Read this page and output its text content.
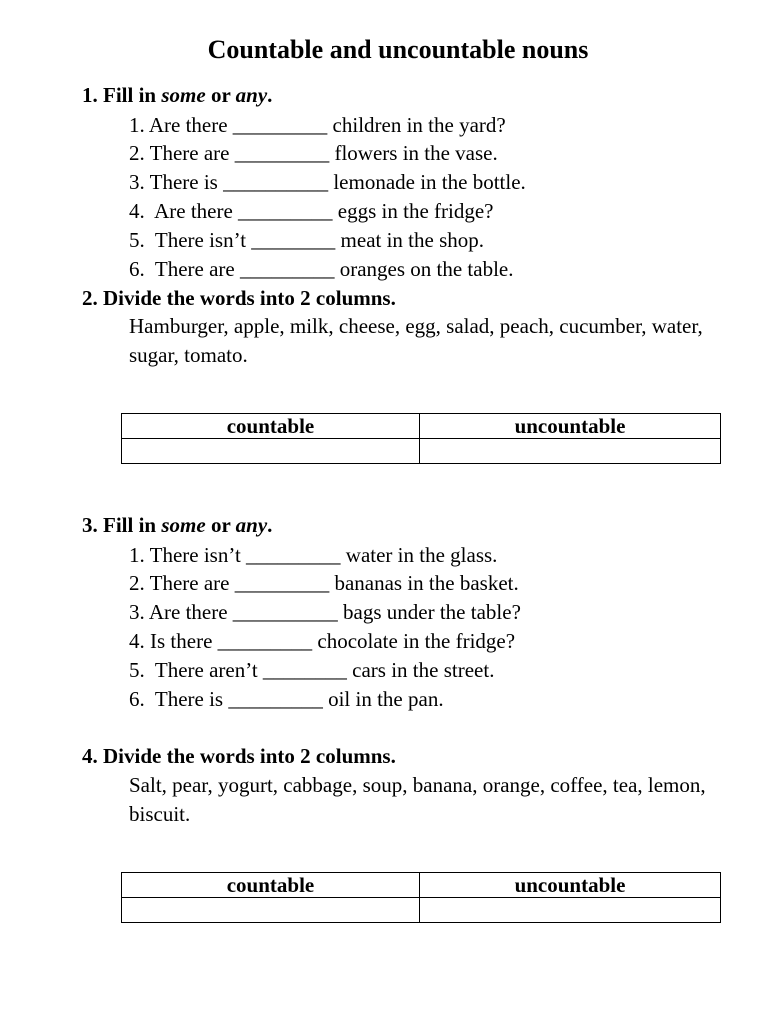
Countable and uncountable nouns
1. Fill in some or any.
1. Are there _________ children in the yard?
2. There are _________ flowers in the vase.
3. There is __________ lemonade in the bottle.
4.  Are there _________ eggs in the fridge?
5.  There isn’t ________ meat in the shop.
6.  There are _________ oranges on the table.
2. Divide the words into 2 columns.
Hamburger, apple, milk, cheese, egg, salad, peach, cucumber, water, sugar, tomato.
countable	uncountable

3. Fill in some or any.
1. There isn’t _________ water in the glass.
2. There are _________ bananas in the basket.
3. Are there __________ bags under the table?
4. Is there _________ chocolate in the fridge?
5.  There aren’t ________ cars in the street.
6.  There is _________ oil in the pan.
4. Divide the words into 2 columns.
Salt, pear, yogurt, cabbage, soup, banana, orange, coffee, tea, lemon, biscuit.
countable	uncountable
